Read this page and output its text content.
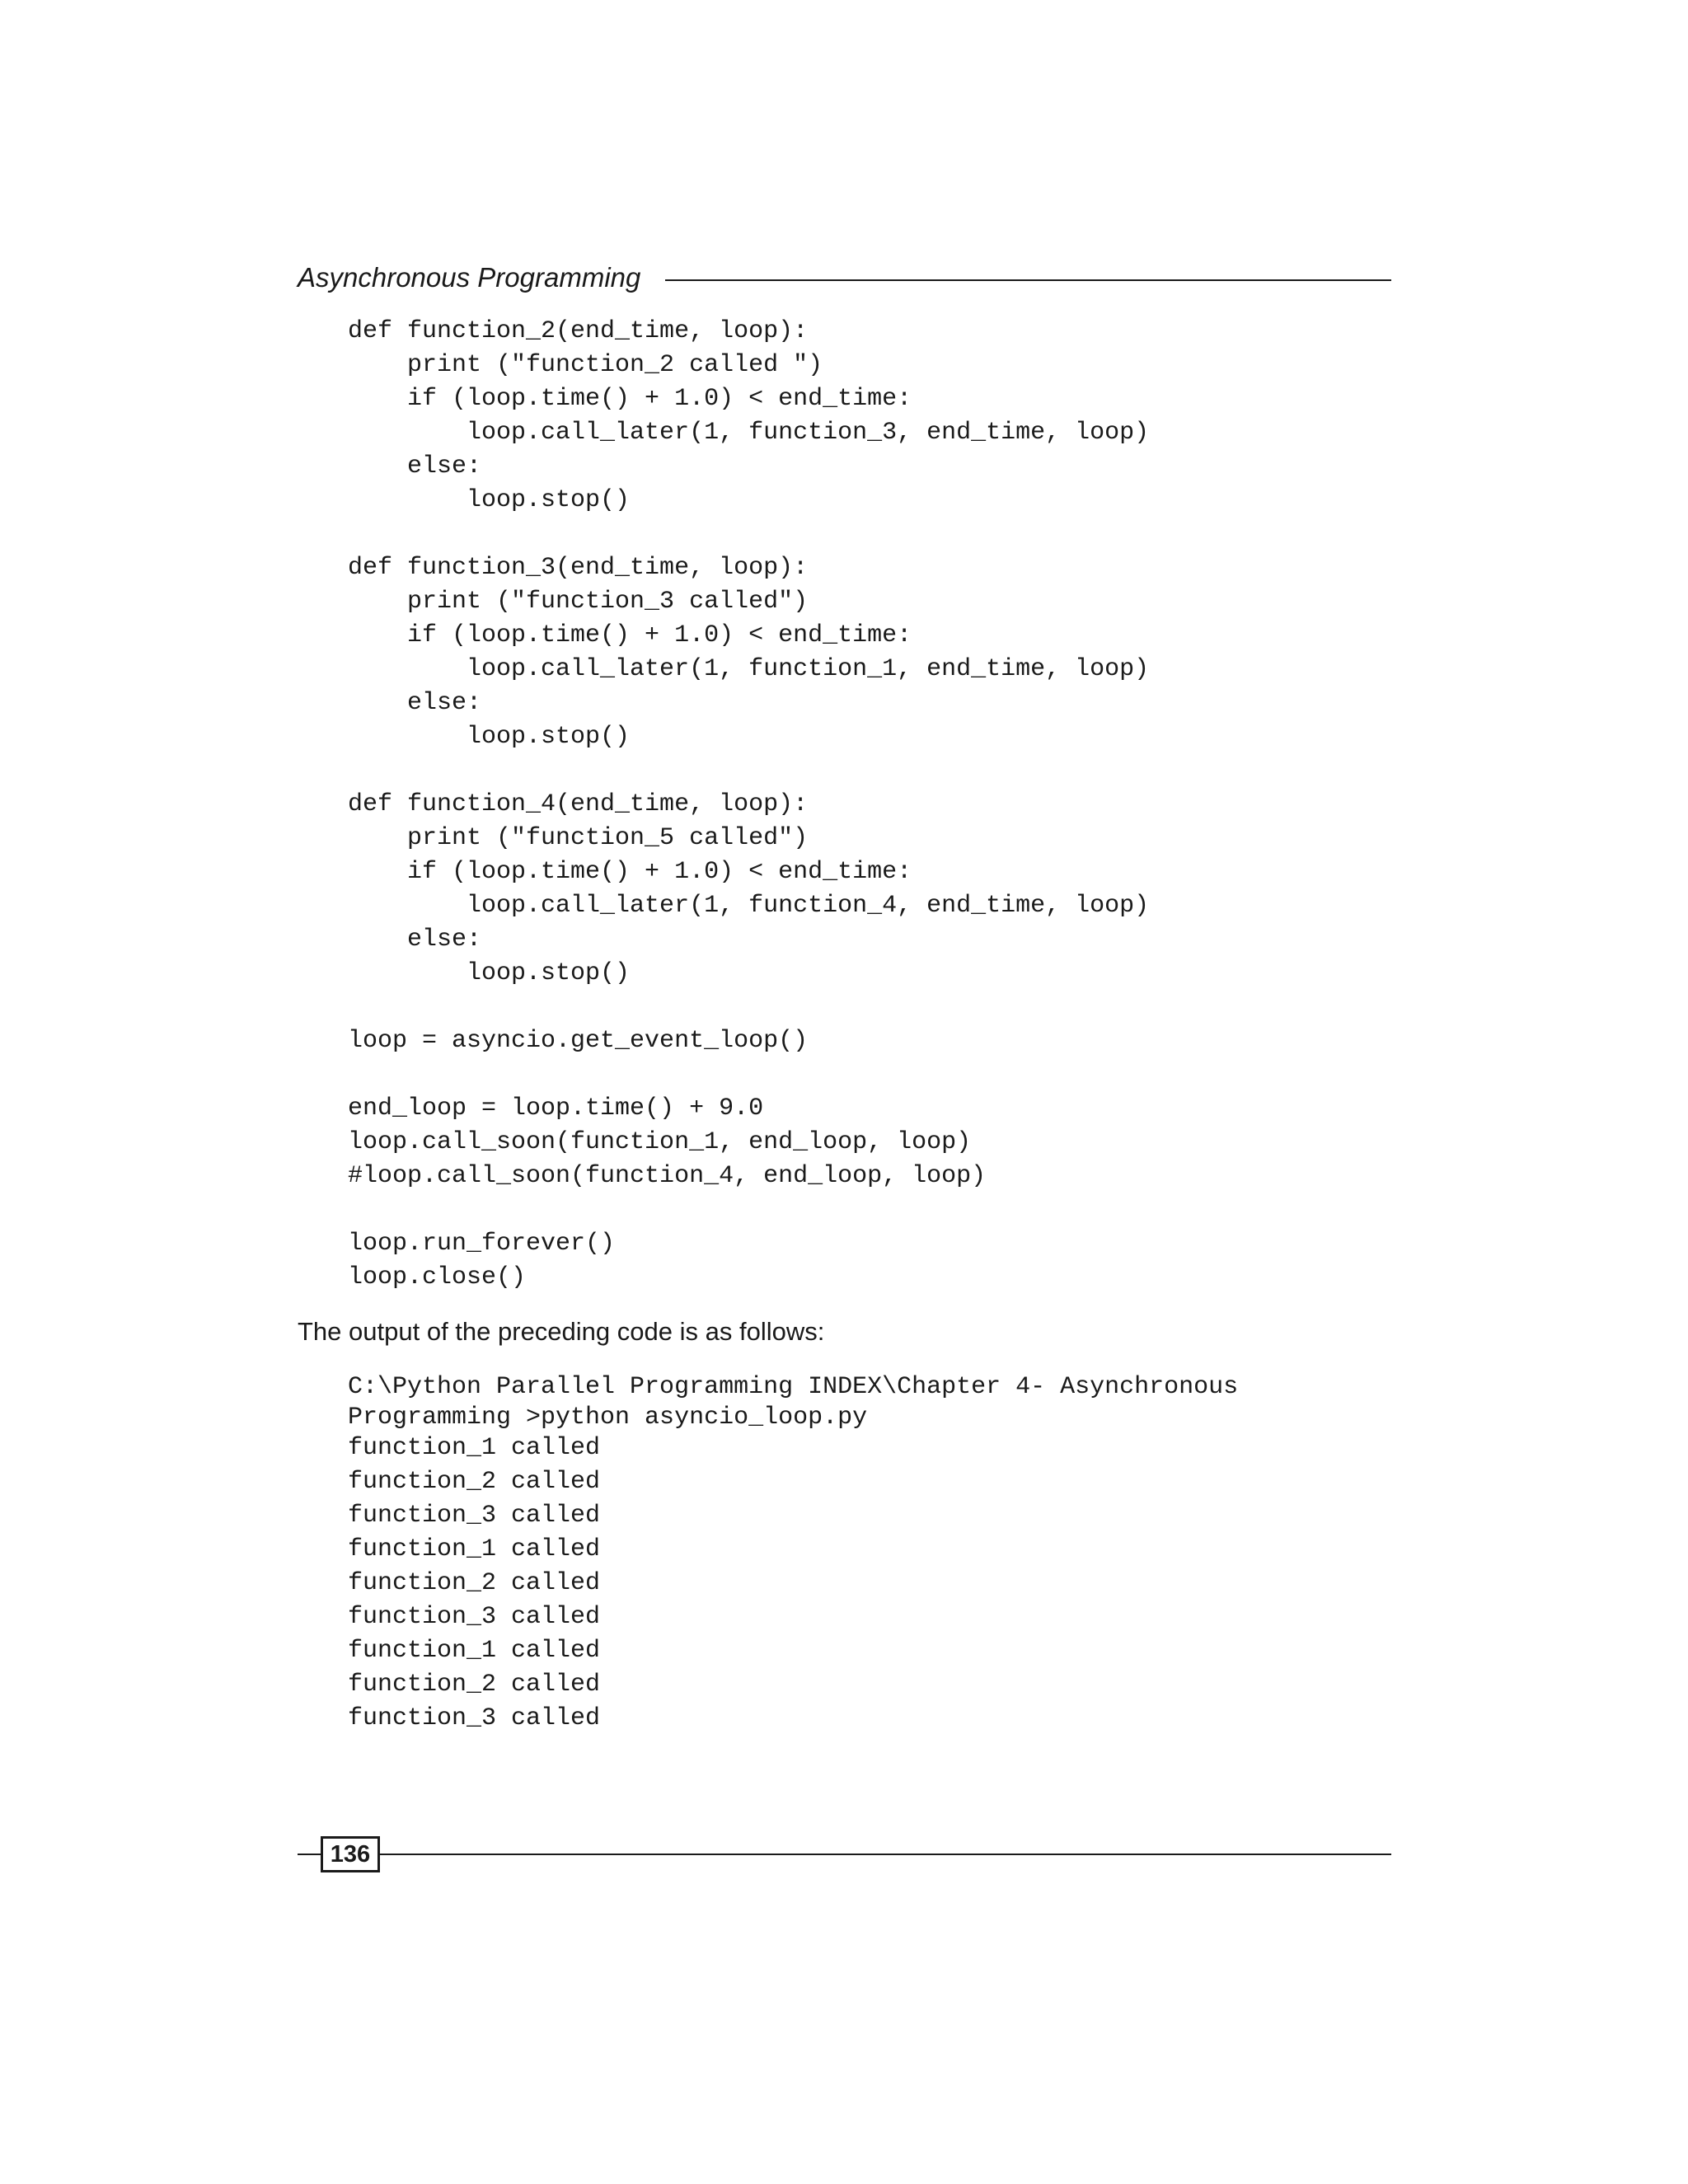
Asynchronous Programming
def function_2(end_time, loop):
print ("function_2 called ")
if (loop.time() + 1.0) < end_time:
loop.call_later(1, function_3, end_time, loop)
else:
loop.stop()
def function_3(end_time, loop):
print ("function_3 called")
if (loop.time() + 1.0) < end_time:
loop.call_later(1, function_1, end_time, loop)
else:
loop.stop()
def function_4(end_time, loop):
print ("function_5 called")
if (loop.time() + 1.0) < end_time:
loop.call_later(1, function_4, end_time, loop)
else:
loop.stop()
loop = asyncio.get_event_loop()
end_loop = loop.time() + 9.0
loop.call_soon(function_1, end_loop, loop)
#loop.call_soon(function_4, end_loop, loop)
loop.run_forever()
loop.close()

The output of the preceding code is as follows:

C:\Python Parallel Programming INDEX\Chapter 4- Asynchronous
Programming >python asyncio_loop.py
function_1 called
function_2 called
function_3 called
function_1 called
function_2 called
function_3 called
function_1 called
function_2 called
function_3 called
136
